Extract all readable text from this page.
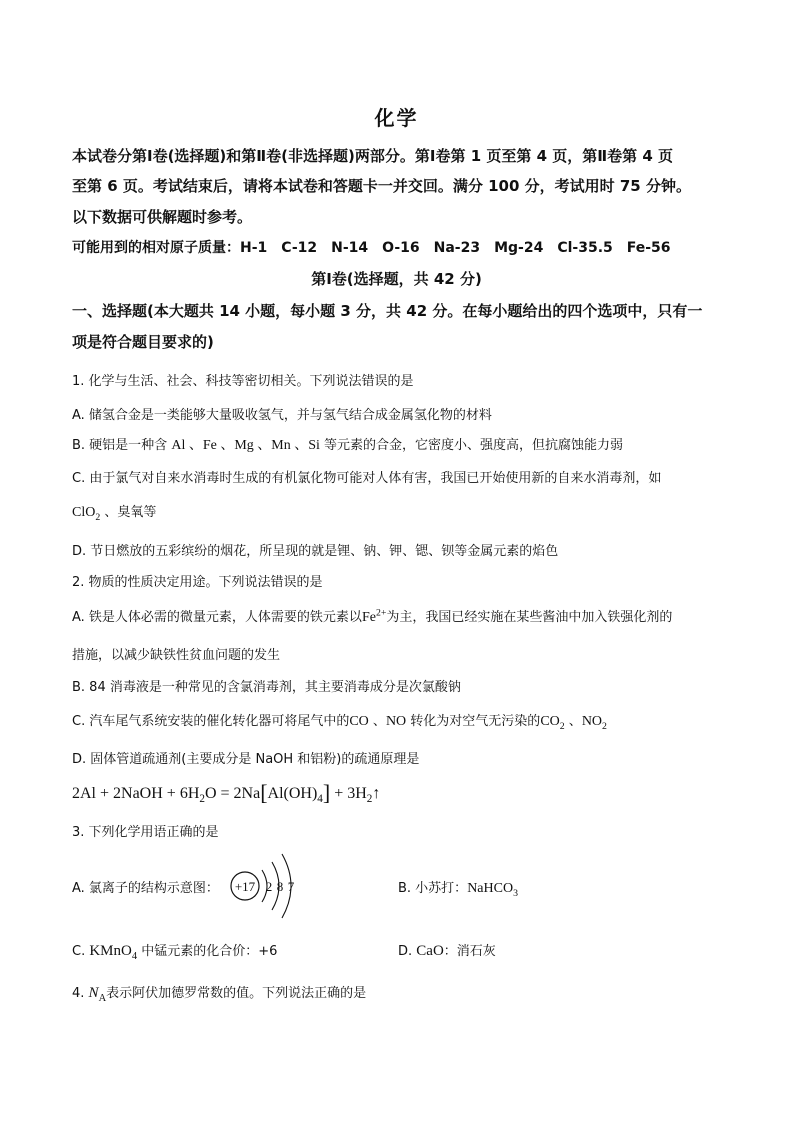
化学
本试卷分第Ⅰ卷(选择题)和第Ⅱ卷(非选择题)两部分。第Ⅰ卷第 1 页至第 4 页，第Ⅱ卷第 4 页
至第 6 页。考试结束后，请将本试卷和答题卡一并交回。满分 100 分，考试用时 75 分钟。
以下数据可供解题时参考。
可能用到的相对原子质量：H-1　C-12　N-14　O-16　Na-23　Mg-24　Cl-35.5　Fe-56
第Ⅰ卷(选择题，共 42 分)
一、选择题(本大题共 14 小题，每小题 3 分，共 42 分。在每小题给出的四个选项中，只有一
项是符合题目要求的)
1. 化学与生活、社会、科技等密切相关。下列说法错误的是
A. 储氢合金是一类能够大量吸收氢气，并与氢气结合成金属氢化物的材料
B. 硬铝是一种含 Al 、Fe 、Mg 、Mn 、Si 等元素的合金，它密度小、强度高，但抗腐蚀能力弱
C. 由于氯气对自来水消毒时生成的有机氯化物可能对人体有害，我国已开始使用新的自来水消毒剂，如
ClO$_2$ 、臭氧等
D. 节日燃放的五彩缤纷的烟花，所呈现的就是锂、钠、钾、锶、钡等金属元素的焰色
2. 物质的性质决定用途。下列说法错误的是
A. 铁是人体必需的微量元素，人体需要的铁元素以$Fe^{2+}$为主，我国已经实施在某些酱油中加入铁强化剂的
措施，以减少缺铁性贫血问题的发生
B. 84 消毒液是一种常见的含氯消毒剂，其主要消毒成分是次氯酸钠
C. 汽车尾气系统安装的催化转化器可将尾气中的CO 、NO 转化为对空气无污染的$CO_2$ 、$NO_2$
D. 固体管道疏通剂(主要成分是 NaOH 和铝粉)的疏通原理是
2Al + 2NaOH + $6H_2O = 2Na[Al(OH)_4]$ + $3H_2↑$
3. 下列化学用语正确的是
A. 氯离子的结构示意图： +17 2 8 7	B. 小苏打：NaHCO$_3$
C. KMnO$_4$ 中锰元素的化合价：+6	D. CaO：消石灰
4. $N_A$表示阿伏加德罗常数的值。下列说法正确的是
